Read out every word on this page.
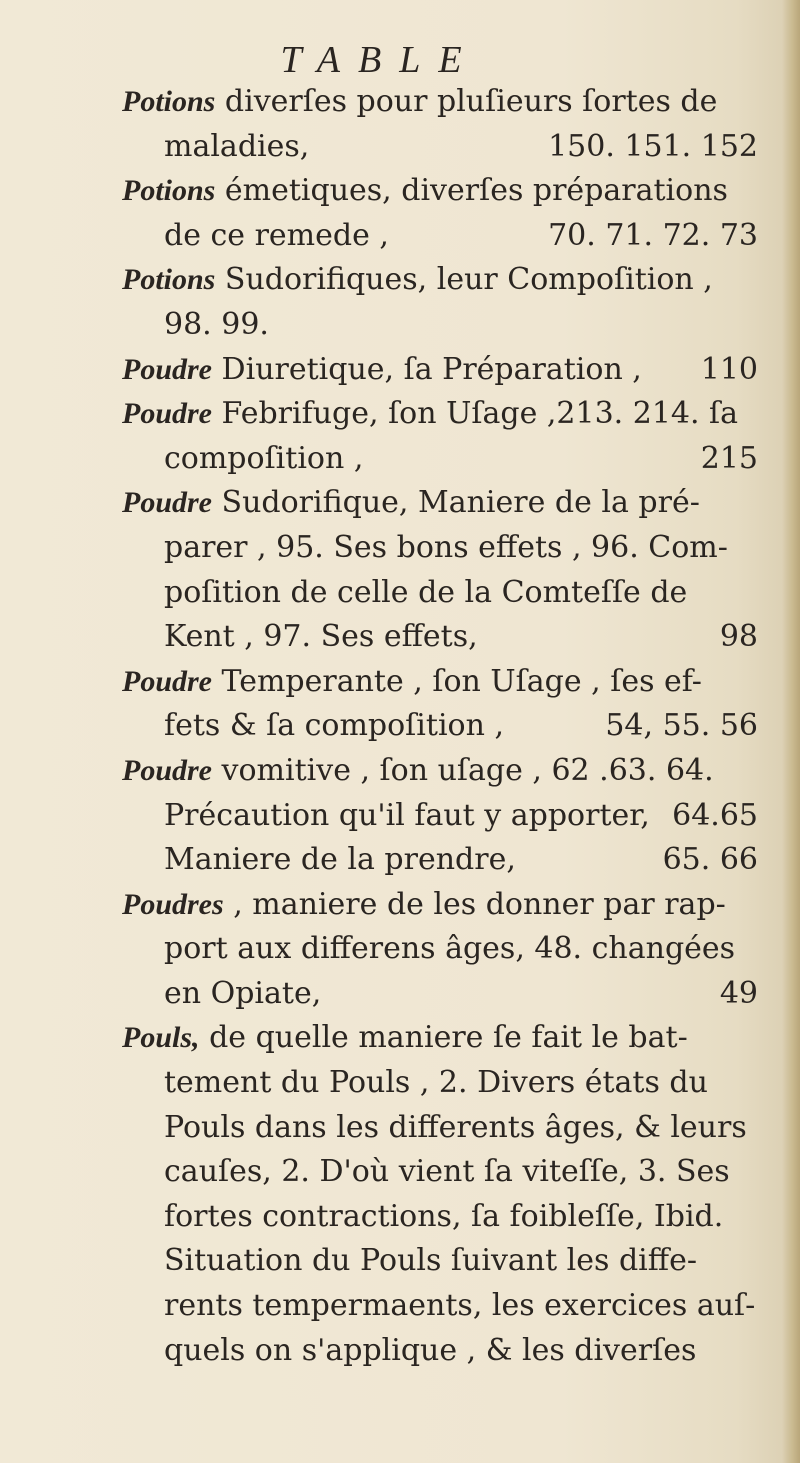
TABLE
Potions diverſes pour pluſieurs ſortes de
150. 151. 152
maladies,
Potions émetiques, diverſes préparations
70. 71. 72. 73
de ce remede ,
Potions Sudorifiques, leur Compoſition ,
98. 99.
Poudre	110
Diuretique, ſa Préparation ,
Poudre Febrifuge, ſon Uſage ,213. 214. ſa
215
compoſition ,
Poudre Sudorifique, Maniere de la pré-
parer , 95. Ses bons effets , 96. Com-
poſition de celle de la Comteſſe de
98
Kent , 97. Ses effets,
Poudre Temperante , ſon Uſage , ſes ef-
54, 55. 56
fets & ſa compoſition ,
Poudre vomitive , ſon uſage , 62 .63. 64.
64.65
Précaution qu'il faut y apporter,
65. 66
Maniere de la prendre,
Poudres , maniere de les donner par rap-
port aux differens âges, 48. changées
49
en Opiate,
Pouls, de quelle maniere ſe fait le bat-
tement du Pouls , 2. Divers états du
Pouls dans les differents âges, & leurs
cauſes, 2. D'où vient ſa viteſſe, 3. Ses
fortes contractions, ſa foibleſſe, Ibid.
Situation du Pouls ſuivant les diffe-
rents tempermaents, les exercices auſ-
quels on s'applique , & les diverſes
